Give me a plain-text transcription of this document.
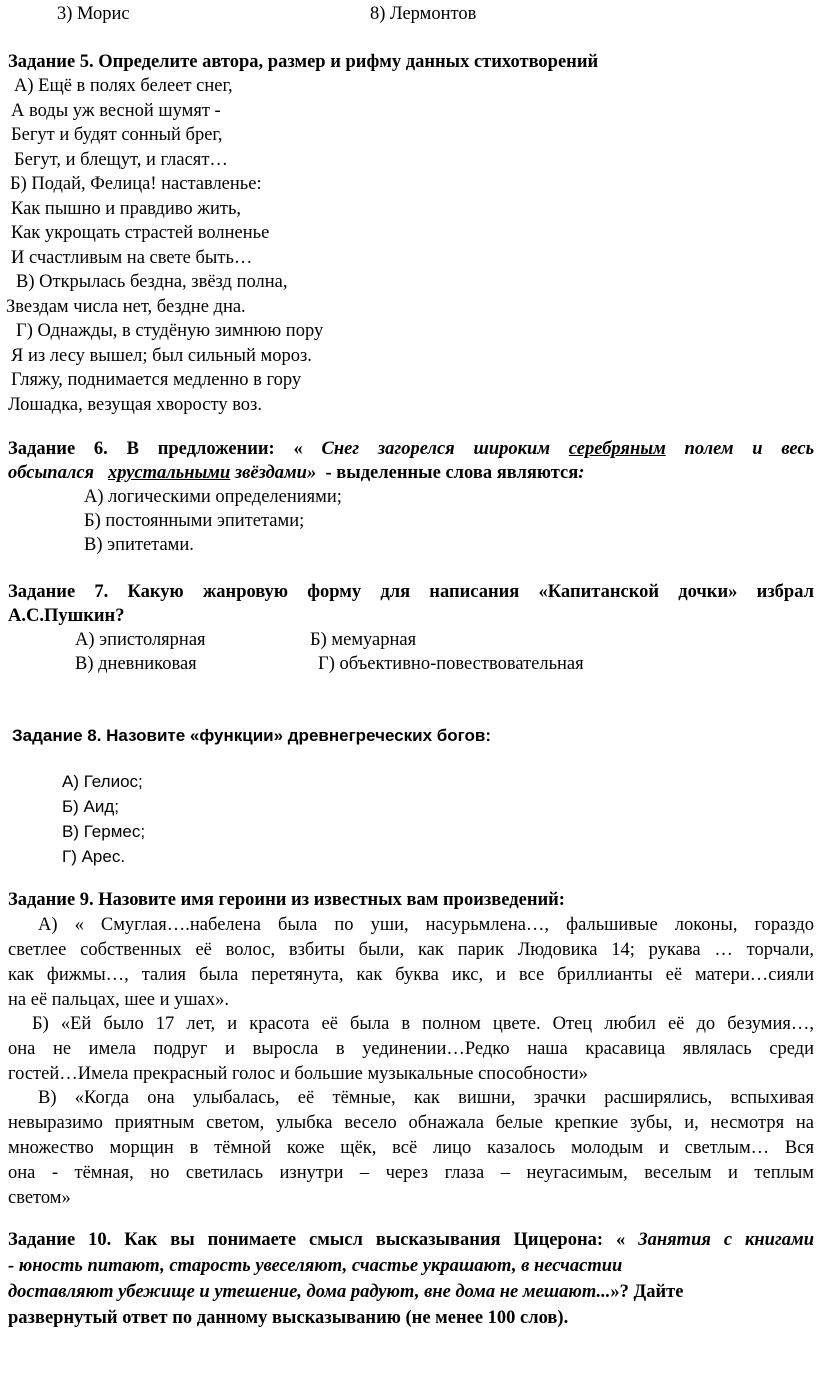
3) Морис	8) Лермонтов
Задание 5. Определите автора, размер и рифму данных стихотворений
А) Ещё в полях белеет снег,
А воды уж весной шумят -
Бегут и будят сонный брег,
Бегут, и блещут, и гласят…
Б) Подай, Фелица! наставленье:
Как пышно и правдиво жить,
Как укрощать страстей волненье
И счастливым на свете быть…
В) Открылась бездна, звёзд полна,
Звездам числа нет, бездне дна.
Г) Однажды, в студёную зимнюю пору
Я из лесу вышел; был сильный мороз.
Гляжу, поднимается медленно в гору
Лошадка, везущая хворосту воз.
Задание 6. В предложении: « Снег загорелся широким серебряным полем и весь
обсыпался хрустальными звёздами» - выделенные слова являются:
А) логическими определениями;
Б) постоянными эпитетами;
В) эпитетами.
Задание 7. Какую жанровую форму для написания «Капитанской дочки» избрал
А.С.Пушкин?
А) эпистолярная	Б) мемуарная
В) дневниковая	Г) объективно-повествовательная
Задание 8. Назовите «функции» древнегреческих богов:
А) Гелиос;
Б) Аид;
В) Гермес;
Г) Арес.
Задание 9. Назовите имя героини из известных вам произведений:
А) « Смуглая….набелена была по уши, насурьмлена…, фальшивые локоны, гораздо
светлее собственных её волос, взбиты были, как парик Людовика 14; рукава … торчали,
как фижмы…, талия была перетянута, как буква икс, и все бриллианты её матери…сияли
на её пальцах, шее и ушах».
Б) «Ей было 17 лет, и красота её была в полном цвете. Отец любил её до безумия…,
она не имела подруг и выросла в уединении…Редко наша красавица являлась среди
гостей…Имела прекрасный голос и большие музыкальные способности»
В) «Когда она улыбалась, её тёмные, как вишни, зрачки расширялись, вспыхивая
невыразимо приятным светом, улыбка весело обнажала белые крепкие зубы, и, несмотря на
множество морщин в тёмной коже щёк, всё лицо казалось молодым и светлым… Вся
она - тёмная, но светилась изнутри – через глаза – неугасимым, веселым и теплым
светом»
Задание 10. Как вы понимаете смысл высказывания Цицерона: « Занятия с книгами
- юность питают, старость увеселяют, счастье украшают, в несчастии
доставляют убежище и утешение, дома радуют, вне дома не мешают...»? Дайте
развернутый ответ по данному высказыванию (не менее 100 слов).
